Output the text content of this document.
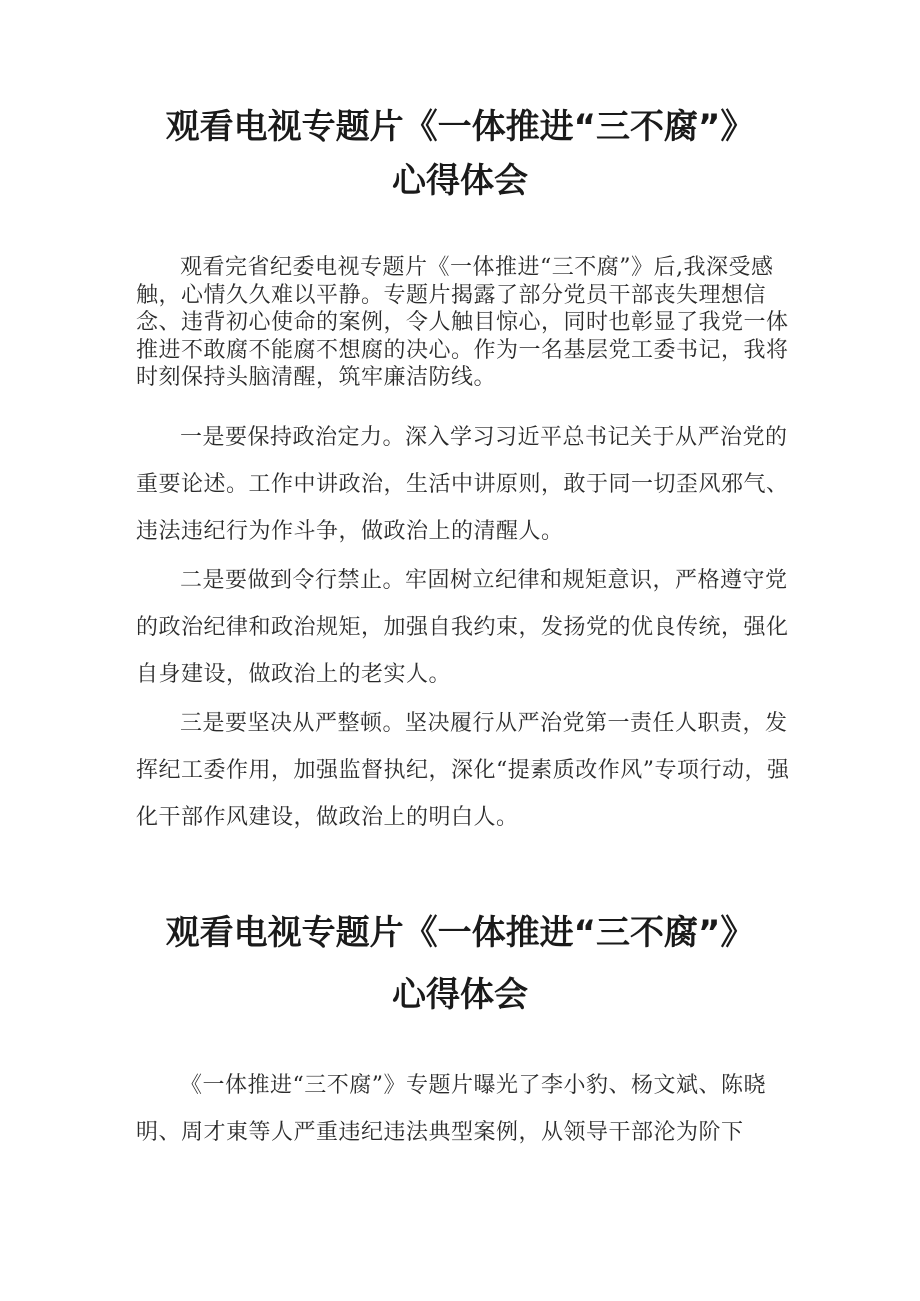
观看电视专题片《一体推进“三不腐”》
心得体会

观看完省纪委电视专题片《一体推进“三不腐”》后,我深受感触，心情久久难以平静。专题片揭露了部分党员干部丧失理想信念、违背初心使命的案例，令人触目惊心，同时也彰显了我党一体推进不敢腐不能腐不想腐的决心。作为一名基层党工委书记，我将时刻保持头脑清醒，筑牢廉洁防线。

一是要保持政治定力。深入学习习近平总书记关于从严治党的重要论述。工作中讲政治，生活中讲原则，敢于同一切歪风邪气、违法违纪行为作斗争，做政治上的清醒人。

二是要做到令行禁止。牢固树立纪律和规矩意识，严格遵守党的政治纪律和政治规矩，加强自我约束，发扬党的优良传统，强化自身建设，做政治上的老实人。

三是要坚决从严整顿。坚决履行从严治党第一责任人职责，发挥纪工委作用，加强监督执纪，深化“提素质改作风”专项行动，强化干部作风建设，做政治上的明白人。

观看电视专题片《一体推进“三不腐”》
心得体会

《一体推进“三不腐”》专题片曝光了李小豹、杨文斌、陈晓明、周才東等人严重违纪违法典型案例，从领导干部沦为阶下
